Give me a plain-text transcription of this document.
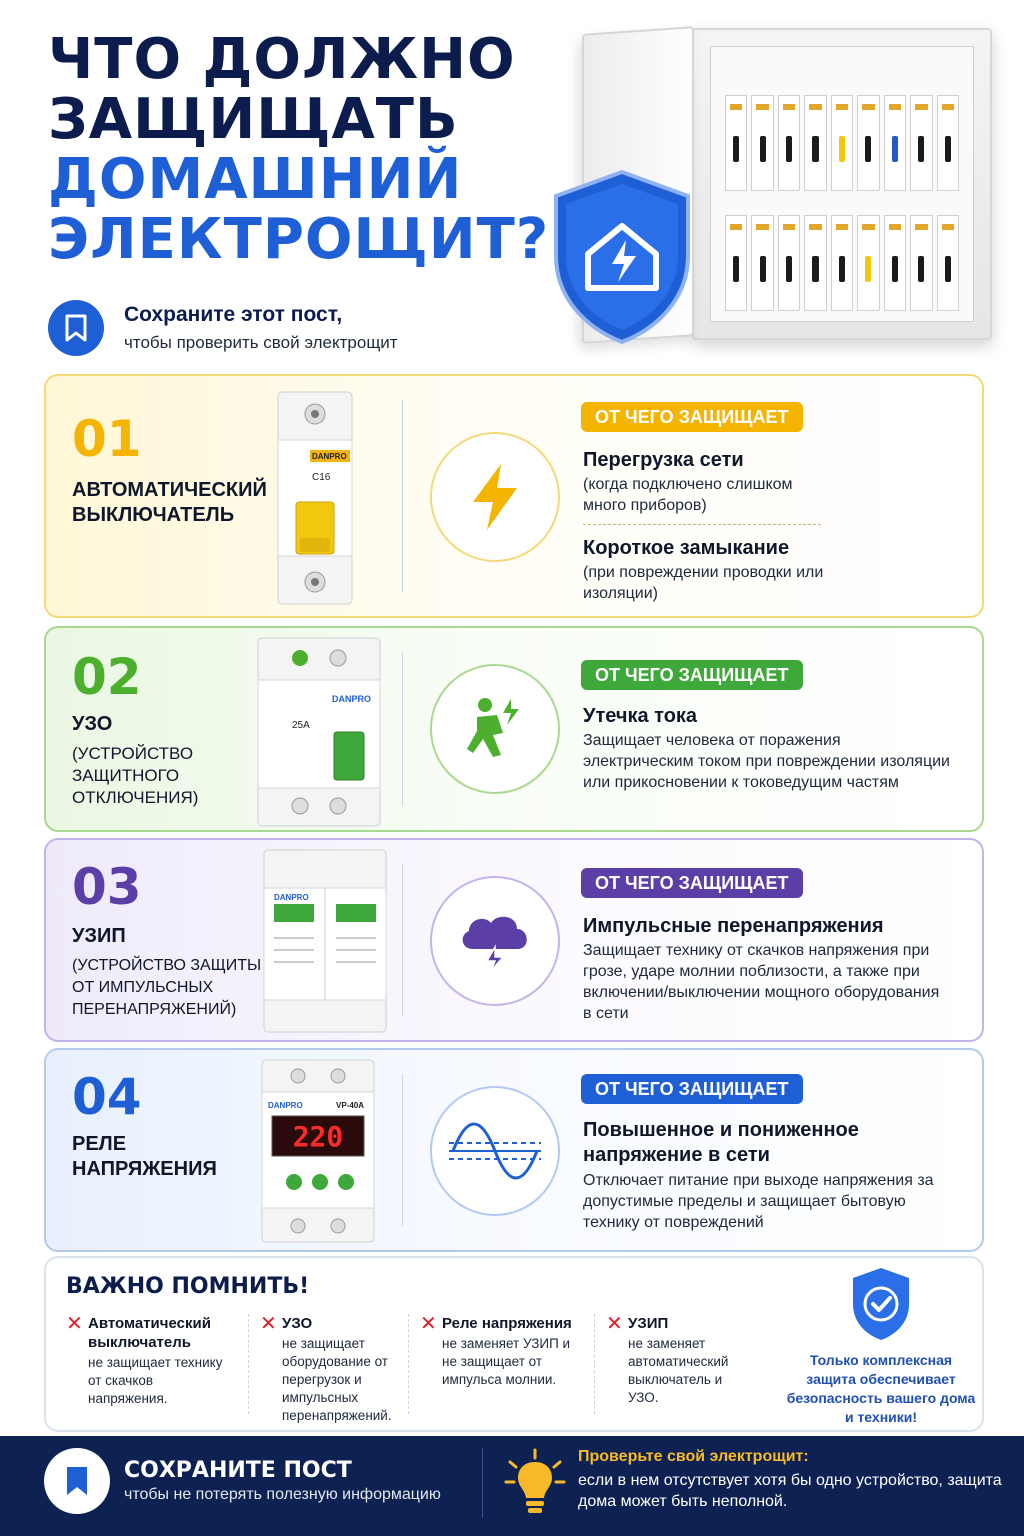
ЧТО ДОЛЖНО
ЗАЩИЩАТЬ
ДОМАШНИЙ
ЭЛЕКТРОЩИТ?
Сохраните этот пост,
чтобы проверить свой электрощит
01
АВТОМАТИЧЕСКИЙ ВЫКЛЮЧАТЕЛЬ
DANPRO
C16
ОТ ЧЕГО ЗАЩИЩАЕТ
Перегрузка сети
(когда подключено слишком много приборов)
Короткое замыкание
(при повреждении проводки или изоляции)
02
УЗО
(УСТРОЙСТВО ЗАЩИТНОГО ОТКЛЮЧЕНИЯ)
DANPRO
25A
ОТ ЧЕГО ЗАЩИЩАЕТ
Утечка тока
Защищает человека от поражения электрическим током при повреждении изоляции или прикосновении к токоведущим частям
03
УЗИП
(УСТРОЙСТВО ЗАЩИТЫ ОТ ИМПУЛЬСНЫХ ПЕРЕНАПРЯЖЕНИЙ)
DANPRO
ОТ ЧЕГО ЗАЩИЩАЕТ
Импульсные перенапряжения
Защищает технику от скачков напряжения при грозе, ударе молнии поблизости, а также при включении/выключении мощного оборудования в сети
04
РЕЛЕ НАПРЯЖЕНИЯ
DANPRO	VP-40A
220
ОТ ЧЕГО ЗАЩИЩАЕТ
Повышенное и пониженное напряжение в сети
Отключает питание при выходе напряжения за допустимые пределы и защищает бытовую технику от повреждений
ВАЖНО ПОМНИТЬ!
✕ Автоматический выключатель
не защищает технику от скачков напряжения.
✕ УЗО
не защищает оборудование от перегрузок и импульсных перенапряжений.
✕ Реле напряжения
не заменяет УЗИП и не защищает от импульса молнии.
✕ УЗИП
не заменяет автоматический выключатель и УЗО.
Только комплексная защита обеспечивает безопасность вашего дома и техники!
СОХРАНИТЕ ПОСТ
чтобы не потерять полезную информацию
Проверьте свой электрощит:
если в нем отсутствует хотя бы одно устройство, защита дома может быть неполной.
